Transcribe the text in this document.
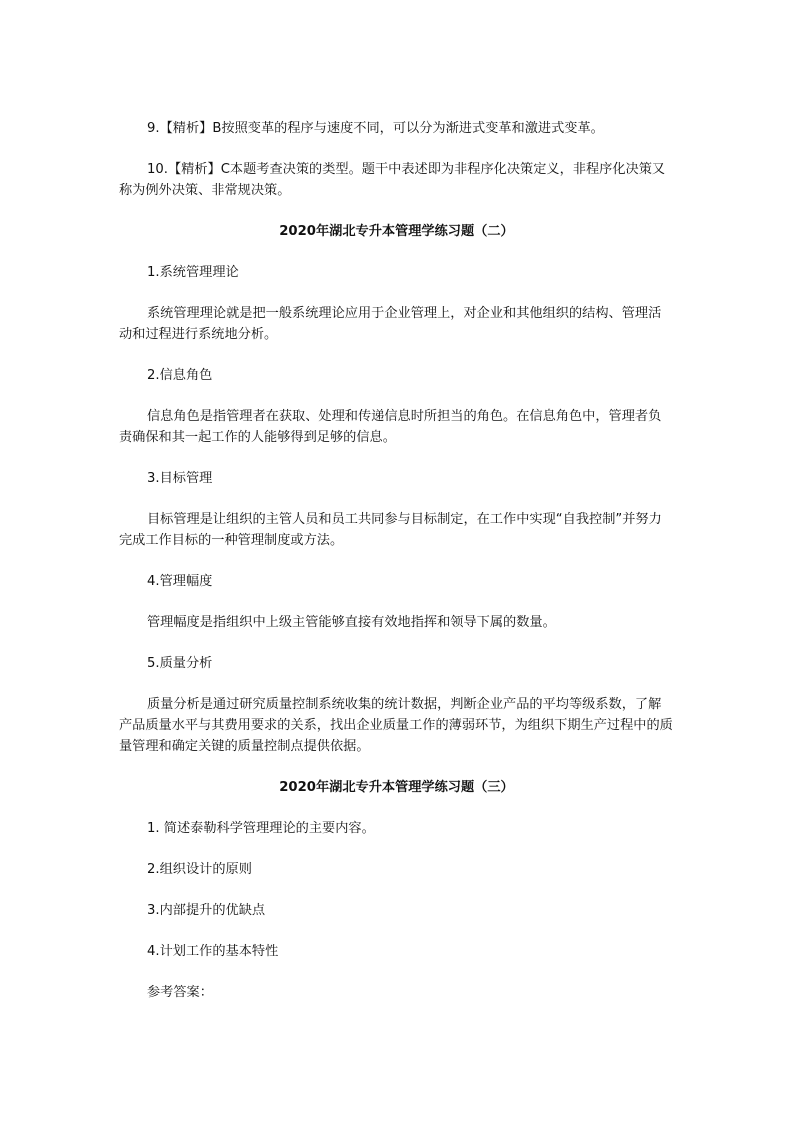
9.【精析】B按照变革的程序与速度不同，可以分为渐进式变革和激进式变革。

10.【精析】C本题考查决策的类型。题干中表述即为非程序化决策定义，非程序化决策又称为例外决策、非常规决策。

2020年湖北专升本管理学练习题（二）

1.系统管理理论

系统管理理论就是把一般系统理论应用于企业管理上，对企业和其他组织的结构、管理活动和过程进行系统地分析。

2.信息角色

信息角色是指管理者在获取、处理和传递信息时所担当的角色。在信息角色中，管理者负责确保和其一起工作的人能够得到足够的信息。

3.目标管理

目标管理是让组织的主管人员和员工共同参与目标制定，在工作中实现“自我控制”并努力完成工作目标的一种管理制度或方法。

4.管理幅度

管理幅度是指组织中上级主管能够直接有效地指挥和领导下属的数量。

5.质量分析

质量分析是通过研究质量控制系统收集的统计数据，判断企业产品的平均等级系数，了解产品质量水平与其费用要求的关系，找出企业质量工作的薄弱环节，为组织下期生产过程中的质量管理和确定关键的质量控制点提供依据。

2020年湖北专升本管理学练习题（三）

1. 简述泰勒科学管理理论的主要内容。

2.组织设计的原则

3.内部提升的优缺点

4.计划工作的基本特性

参考答案：
